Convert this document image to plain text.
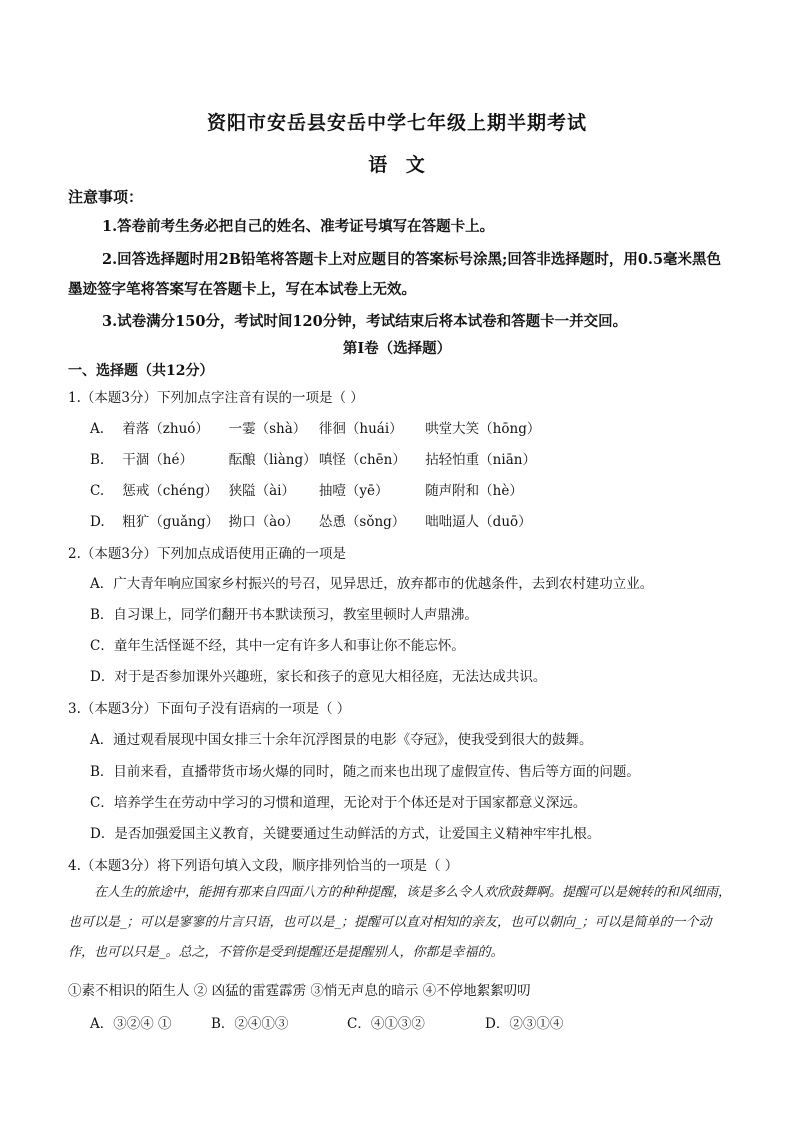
资阳市安岳县安岳中学七年级上期半期考试
语 文
注意事项：
1.答卷前考生务必把自己的姓名、准考证号填写在答题卡上。
2.回答选择题时用2B铅笔将答题卡上对应题目的答案标号涂黑;回答非选择题时，用0.5毫米黑色墨迹签字笔将答案写在答题卡上，写在本试卷上无效。
3.试卷满分150分，考试时间120分钟，考试结束后将本试卷和答题卡一并交回。
第Ⅰ卷（选择题）
一、选择题（共12分）
1.（本题3分）下列加点字注音有误的一项是（ ）
A. 着落（zhuó） 一霎（shà） 徘徊（huái） 哄堂大笑（hōng）
B. 干涸（hé）	酝酿（liàng） 嗔怪（chēn） 拈轻怕重（niān）
C. 惩戒（chéng） 狭隘（ài） 抽噎（yē）	随声附和（hè）
D. 粗犷（guǎng） 拗口（ào） 怂恿（sǒng） 咄咄逼人（duō）
2.（本题3分）下列加点成语使用正确的一项是
A．广大青年响应国家乡村振兴的号召，见异思迁，放弃都市的优越条件，去到农村建功立业。
B．自习课上，同学们翻开书本默读预习，教室里顿时人声鼎沸。
C．童年生活怪诞不经，其中一定有许多人和事让你不能忘怀。
D．对于是否参加课外兴趣班，家长和孩子的意见大相径庭，无法达成共识。
3.（本题3分）下面句子没有语病的一项是（ ）
A．通过观看展现中国女排三十余年沉浮图景的电影《夺冠》，使我受到很大的鼓舞。
B．目前来看，直播带货市场火爆的同时，随之而来也出现了虚假宣传、售后等方面的问题。
C．培养学生在劳动中学习的习惯和道理，无论对于个体还是对于国家都意义深远。
D．是否加强爱国主义教育，关键要通过生动鲜活的方式，让爱国主义精神牢牢扎根。
4.（本题3分）将下列语句填入文段，顺序排列恰当的一项是（ ）
在人生的旅途中，能拥有那来自四面八方的种种提醒，该是多么令人欢欣鼓舞啊。提醒可以是婉转的和风细雨，也可以是_；可以是寥寥的片言只语，也可以是_；提醒可以直对相知的亲友，也可以朝向_；可以是简单的一个动作，也可以只是_。总之，不管你是受到提醒还是提醒别人，你都是幸福的。
①素不相识的陌生人 ② 凶猛的雷霆霹雳 ③悄无声息的暗示 ④不停地絮絮叨叨
A．③②④ ①	B．②④①③	C．④①③②	D．②③①④
